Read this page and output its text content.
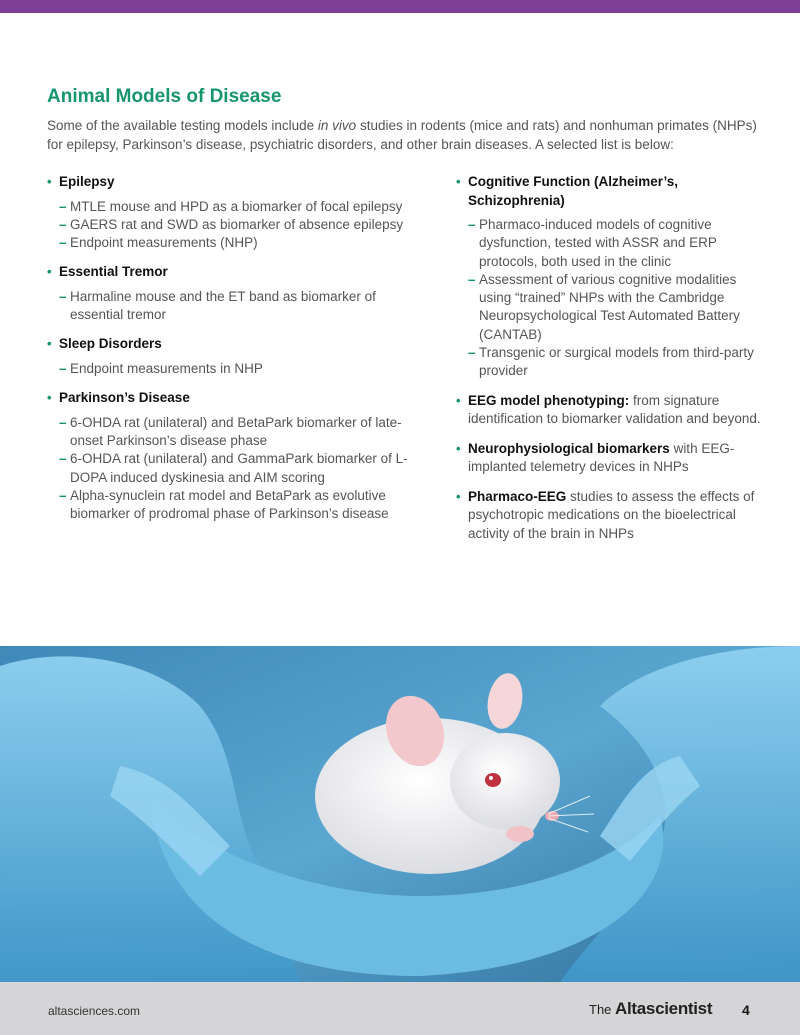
Animal Models of Disease

Some of the available testing models include in vivo studies in rodents (mice and rats) and nonhuman primates (NHPs) for epilepsy, Parkinson’s disease, psychiatric disorders, and other brain diseases. A selected list is below:

• Epilepsy
– MTLE mouse and HPD as a biomarker of focal epilepsy
– GAERS rat and SWD as biomarker of absence epilepsy
– Endpoint measurements (NHP)
• Essential Tremor
– Harmaline mouse and the ET band as biomarker of essential tremor
• Sleep Disorders
– Endpoint measurements in NHP
• Parkinson’s Disease
– 6-OHDA rat (unilateral) and BetaPark biomarker of late-onset Parkinson’s disease phase
– 6-OHDA rat (unilateral) and GammaPark biomarker of L-DOPA induced dyskinesia and AIM scoring
– Alpha-synuclein rat model and BetaPark as evolutive biomarker of prodromal phase of Parkinson’s disease
• Cognitive Function (Alzheimer’s, Schizophrenia)
– Pharmaco-induced models of cognitive dysfunction, tested with ASSR and ERP protocols, both used in the clinic
– Assessment of various cognitive modalities using “trained” NHPs with the Cambridge Neuropsychological Test Automated Battery (CANTAB)
– Transgenic or surgical models from third-party provider
• EEG model phenotyping: from signature identification to biomarker validation and beyond.
• Neurophysiological biomarkers with EEG-implanted telemetry devices in NHPs
• Pharmaco-EEG studies to assess the effects of psychotropic medications on the bioelectrical activity of the brain in NHPs
altasciences.com	The Altascientist 4
